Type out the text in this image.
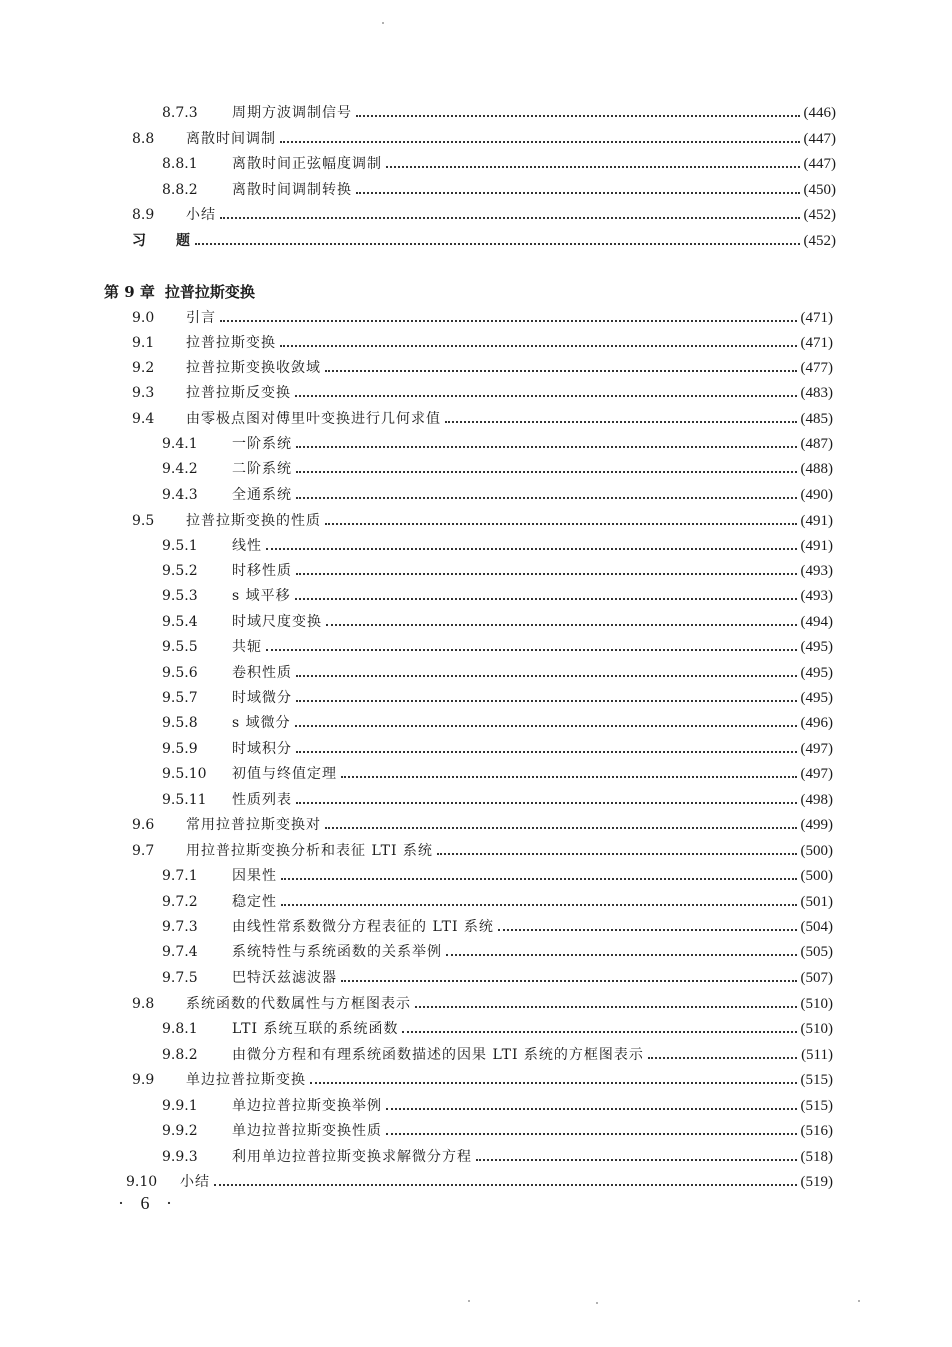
8.7.3	周期方波调制信号	(446)
8.8	离散时间调制	(447)
8.8.1	离散时间正弦幅度调制	(447)
8.8.2	离散时间调制转换	(450)
8.9	小结	(452)
习	题	(452)
第 9 章 拉普拉斯变换
9.0	引言	(471)
9.1	拉普拉斯变换	(471)
9.2	拉普拉斯变换收敛域	(477)
9.3	拉普拉斯反变换	(483)
9.4	由零极点图对傅里叶变换进行几何求值	(485)
9.4.1	一阶系统	(487)
9.4.2	二阶系统	(488)
9.4.3	全通系统	(490)
9.5	拉普拉斯变换的性质	(491)
9.5.1	线性	(491)
9.5.2	时移性质	(493)
9.5.3	s 域平移	(493)
9.5.4	时域尺度变换	(494)
9.5.5	共轭	(495)
9.5.6	卷积性质	(495)
9.5.7	时域微分	(495)
9.5.8	s 域微分	(496)
9.5.9	时域积分	(497)
9.5.10	初值与终值定理	(497)
9.5.11	性质列表	(498)
9.6	常用拉普拉斯变换对	(499)
9.7	用拉普拉斯变换分析和表征 LTI 系统	(500)
9.7.1	因果性	(500)
9.7.2	稳定性	(501)
9.7.3	由线性常系数微分方程表征的 LTI 系统	(504)
9.7.4	系统特性与系统函数的关系举例	(505)
9.7.5	巴特沃兹滤波器	(507)
9.8	系统函数的代数属性与方框图表示	(510)
9.8.1	LTI 系统互联的系统函数	(510)
9.8.2	由微分方程和有理系统函数描述的因果 LTI 系统的方框图表示	(511)
9.9	单边拉普拉斯变换	(515)
9.9.1	单边拉普拉斯变换举例	(515)
9.9.2	单边拉普拉斯变换性质	(516)
9.9.3	利用单边拉普拉斯变换求解微分方程	(518)
9.10	小结	(519)
· 6 ·
